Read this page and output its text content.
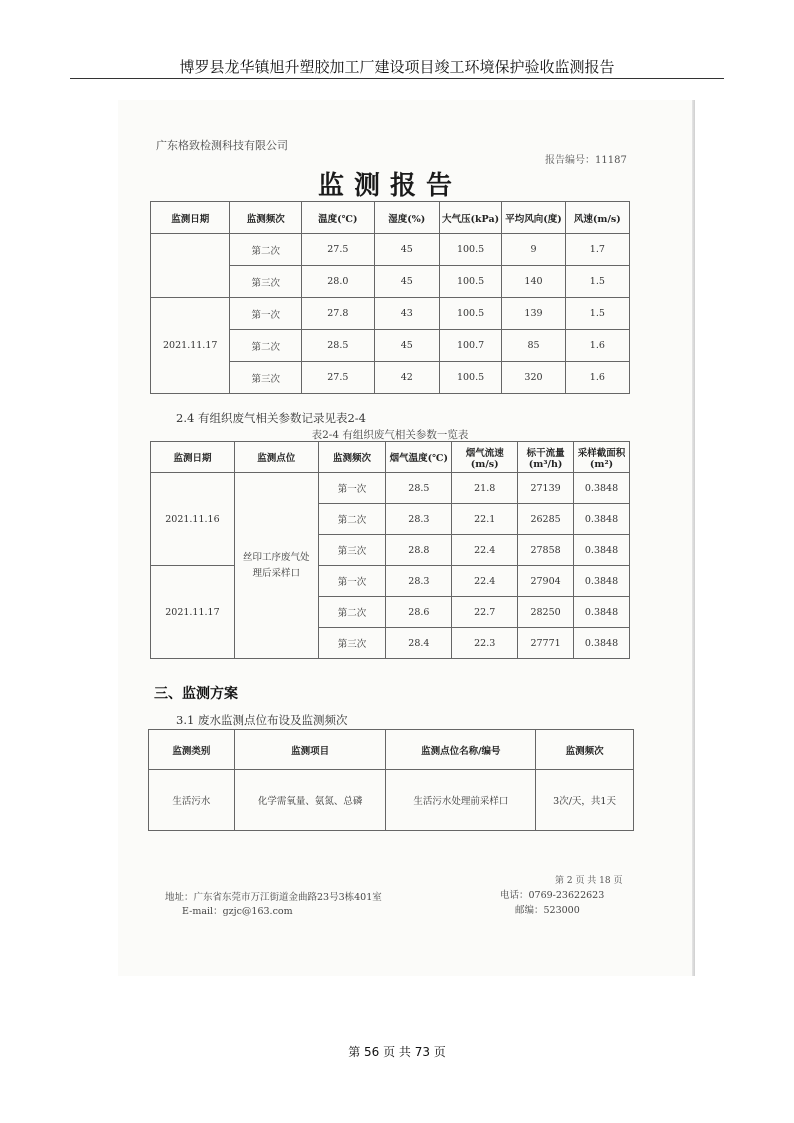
博罗县龙华镇旭升塑胶加工厂建设项目竣工环境保护验收监测报告
广东格致检测科技有限公司
报告编号：11187
监测报告
监测日期	监测频次	温度(℃)	湿度(%)	大气压(kPa)	平均风向(度)	风速(m/s)
	第二次	27.5	45	100.5	9	1.7
	第三次	28.0	45	100.5	140	1.5
2021.11.17	第一次	27.8	43	100.5	139	1.5
	第二次	28.5	45	100.7	85	1.6
	第三次	27.5	42	100.5	320	1.6
2.4 有组织废气相关参数记录见表2-4
表2-4 有组织废气相关参数一览表
监测日期	监测点位	监测频次	烟气温度(℃)	烟气流速(m/s)	标干流量(m³/h)	采样截面积(m²)
2021.11.16	丝印工序废气处理后采样口	第一次	28.5	21.8	27139	0.3848
		第二次	28.3	22.1	26285	0.3848
		第三次	28.8	22.4	27858	0.3848
2021.11.17		第一次	28.3	22.4	27904	0.3848
		第二次	28.6	22.7	28250	0.3848
		第三次	28.4	22.3	27771	0.3848
三、监测方案
3.1 废水监测点位布设及监测频次
监测类别	监测项目	监测点位名称/编号	监测频次
生活污水	化学需氧量、氨氮、总磷	生活污水处理前采样口	3次/天，共1天
第 2 页 共 18 页
地址：广东省东莞市万江街道金曲路23号3栋401室
E-mail：gzjc@163.com
电话：0769-23622623
邮编：523000
第 56 页 共 73 页
